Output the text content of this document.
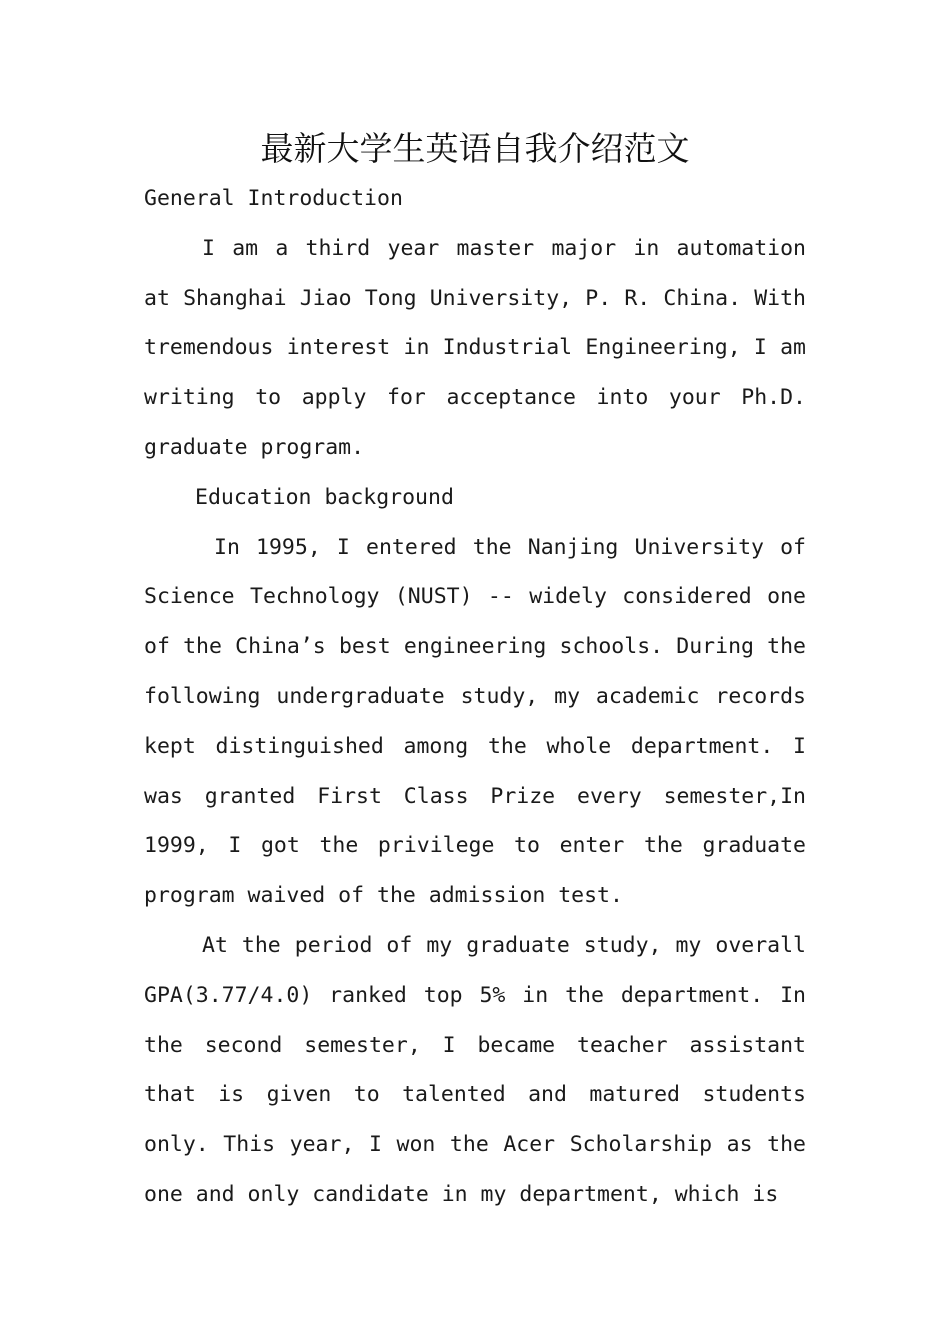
最新大学生英语自我介绍范文

General Introduction

I am a third year master major in automation at Shanghai Jiao Tong University, P. R. China. With tremendous interest in Industrial Engineering, I am writing to apply for acceptance into your Ph.D. graduate program.

Education background

In 1995, I entered the Nanjing University of Science Technology (NUST) -- widely considered one of the China’s best engineering schools. During the following undergraduate study, my academic records kept distinguished among the whole department. I was granted First Class Prize every semester,In 1999, I got the privilege to enter the graduate program waived of the admission test.

At the period of my graduate study, my overall GPA(3.77/4.0) ranked top 5% in the department. In the second semester, I became teacher assistant that is given to talented and matured students only. This year, I won the Acer Scholarship as the one and only candidate in my department, which is
